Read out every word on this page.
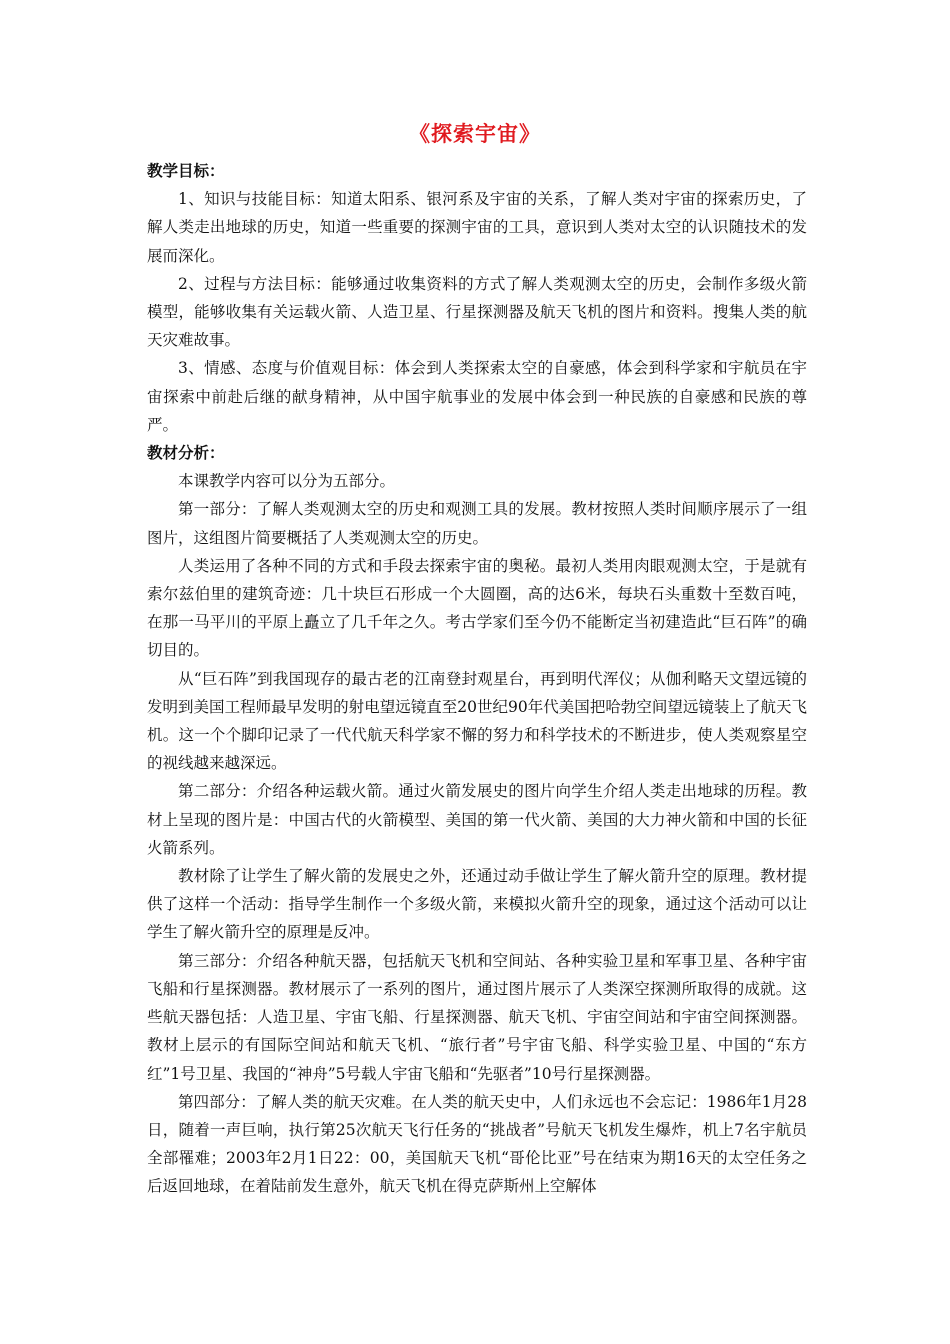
《探索宇宙》

教学目标：

1、知识与技能目标：知道太阳系、银河系及宇宙的关系，了解人类对宇宙的探索历史，了解人类走出地球的历史，知道一些重要的探测宇宙的工具，意识到人类对太空的认识随技术的发展而深化。

2、过程与方法目标：能够通过收集资料的方式了解人类观测太空的历史，会制作多级火箭模型，能够收集有关运载火箭、人造卫星、行星探测器及航天飞机的图片和资料。搜集人类的航天灾难故事。

3、情感、态度与价值观目标：体会到人类探索太空的自豪感，体会到科学家和宇航员在宇宙探索中前赴后继的献身精神，从中国宇航事业的发展中体会到一种民族的自豪感和民族的尊严。

教材分析：

本课教学内容可以分为五部分。

第一部分：了解人类观测太空的历史和观测工具的发展。教材按照人类时间顺序展示了一组图片，这组图片简要概括了人类观测太空的历史。

人类运用了各种不同的方式和手段去探索宇宙的奥秘。最初人类用肉眼观测太空，于是就有索尔兹伯里的建筑奇迹：几十块巨石形成一个大圆圈，高的达6米，每块石头重数十至数百吨，在那一马平川的平原上矗立了几千年之久。考古学家们至今仍不能断定当初建造此“巨石阵”的确切目的。

从“巨石阵”到我国现存的最古老的江南登封观星台，再到明代浑仪；从伽利略天文望远镜的发明到美国工程师最早发明的射电望远镜直至20世纪90年代美国把哈勃空间望远镜装上了航天飞机。这一个个脚印记录了一代代航天科学家不懈的努力和科学技术的不断进步，使人类观察星空的视线越来越深远。

第二部分：介绍各种运载火箭。通过火箭发展史的图片向学生介绍人类走出地球的历程。教材上呈现的图片是：中国古代的火箭模型、美国的第一代火箭、美国的大力神火箭和中国的长征火箭系列。

教材除了让学生了解火箭的发展史之外，还通过动手做让学生了解火箭升空的原理。教材提供了这样一个活动：指导学生制作一个多级火箭，来模拟火箭升空的现象，通过这个活动可以让学生了解火箭升空的原理是反冲。

第三部分：介绍各种航天器，包括航天飞机和空间站、各种实验卫星和军事卫星、各种宇宙飞船和行星探测器。教材展示了一系列的图片，通过图片展示了人类深空探测所取得的成就。这些航天器包括：人造卫星、宇宙飞船、行星探测器、航天飞机、宇宙空间站和宇宙空间探测器。教材上层示的有国际空间站和航天飞机、“旅行者”号宇宙飞船、科学实验卫星、中国的“东方红”1号卫星、我国的“神舟”5号载人宇宙飞船和“先驱者”10号行星探测器。

第四部分：了解人类的航天灾难。在人类的航天史中，人们永远也不会忘记：1986年1月28日，随着一声巨响，执行第25次航天飞行任务的“挑战者”号航天飞机发生爆炸，机上7名宇航员全部罹难；2003年2月1日22：00，美国航天飞机“哥伦比亚”号在结束为期16天的太空任务之后返回地球，在着陆前发生意外，航天飞机在得克萨斯州上空解体
